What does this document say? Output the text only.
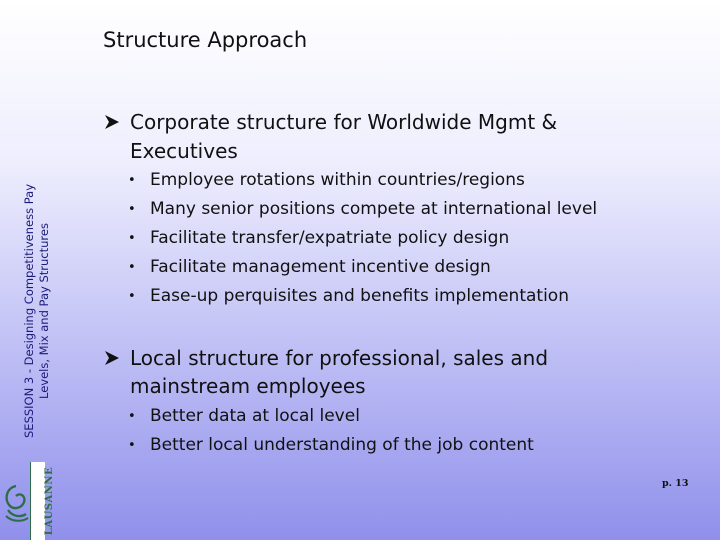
Structure Approach
SESSION 3 - Designing Competitiveness Pay Levels, Mix and Pay Structures
LAUSANNE
Corporate structure for Worldwide Mgmt &
Executives
• Employee rotations within countries/regions
• Many senior positions compete at international level
• Facilitate transfer/expatriate policy design
• Facilitate management incentive design
• Ease-up perquisites and benefits implementation
Local structure for professional, sales and
mainstream employees
• Better data at local level
• Better local understanding of the job content
p. 13
